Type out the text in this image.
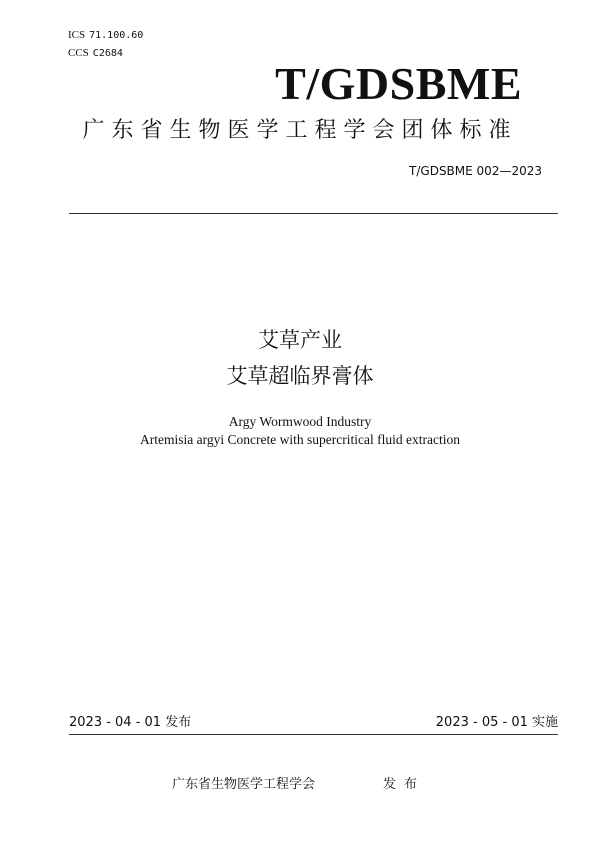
ICS 71.100.60
CCS C2684
T/GDSBME
广东省生物医学工程学会团体标准
T/GDSBME 002—2023
艾草产业
艾草超临界膏体
Argy Wormwood Industry
Artemisia argyi Concrete with supercritical fluid extraction
2023 - 04 - 01 发布	2023 - 05 - 01 实施
广东省生物医学工程学会	发布
